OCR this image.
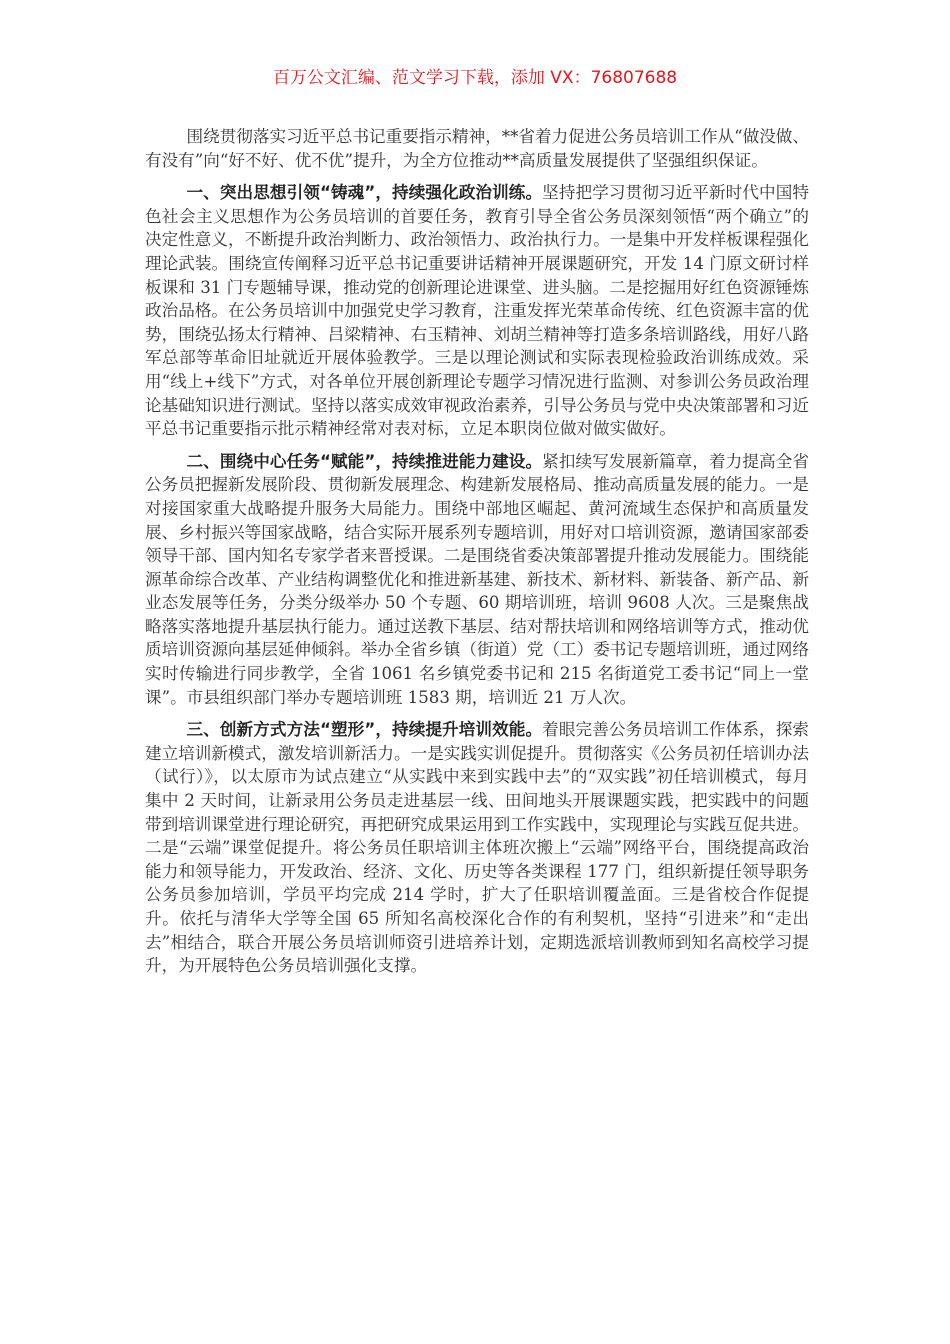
百万公文汇编、范文学习下载，添加 VX：76807688

围绕贯彻落实习近平总书记重要指示精神，**省着力促进公务员培训工作从“做没做、有没有”向“好不好、优不优”提升，为全方位推动**高质量发展提供了坚强组织保证。

一、突出思想引领“铸魂”，持续强化政治训练。坚持把学习贯彻习近平新时代中国特色社会主义思想作为公务员培训的首要任务，教育引导全省公务员深刻领悟“两个确立”的决定性意义，不断提升政治判断力、政治领悟力、政治执行力。一是集中开发样板课程强化理论武装。围绕宣传阐释习近平总书记重要讲话精神开展课题研究，开发 14 门原文研讨样板课和 31 门专题辅导课，推动党的创新理论进课堂、进头脑。二是挖掘用好红色资源锤炼政治品格。在公务员培训中加强党史学习教育，注重发挥光荣革命传统、红色资源丰富的优势，围绕弘扬太行精神、吕梁精神、右玉精神、刘胡兰精神等打造多条培训路线，用好八路军总部等革命旧址就近开展体验教学。三是以理论测试和实际表现检验政治训练成效。采用“线上+线下”方式，对各单位开展创新理论专题学习情况进行监测、对参训公务员政治理论基础知识进行测试。坚持以落实成效审视政治素养，引导公务员与党中央决策部署和习近平总书记重要指示批示精神经常对表对标，立足本职岗位做对做实做好。

二、围绕中心任务“赋能”，持续推进能力建设。紧扣续写发展新篇章，着力提高全省公务员把握新发展阶段、贯彻新发展理念、构建新发展格局、推动高质量发展的能力。一是对接国家重大战略提升服务大局能力。围绕中部地区崛起、黄河流域生态保护和高质量发展、乡村振兴等国家战略，结合实际开展系列专题培训，用好对口培训资源，邀请国家部委领导干部、国内知名专家学者来晋授课。二是围绕省委决策部署提升推动发展能力。围绕能源革命综合改革、产业结构调整优化和推进新基建、新技术、新材料、新装备、新产品、新业态发展等任务，分类分级举办 50 个专题、60 期培训班，培训 9608 人次。三是聚焦战略落实落地提升基层执行能力。通过送教下基层、结对帮扶培训和网络培训等方式，推动优质培训资源向基层延伸倾斜。举办全省乡镇（街道）党（工）委书记专题培训班，通过网络实时传输进行同步教学，全省 1061 名乡镇党委书记和 215 名街道党工委书记“同上一堂课”。市县组织部门举办专题培训班 1583 期，培训近 21 万人次。

三、创新方式方法“塑形”，持续提升培训效能。着眼完善公务员培训工作体系，探索建立培训新模式，激发培训新活力。一是实践实训促提升。贯彻落实《公务员初任培训办法（试行）》，以太原市为试点建立“从实践中来到实践中去”的“双实践”初任培训模式，每月集中 2 天时间，让新录用公务员走进基层一线、田间地头开展课题实践，把实践中的问题带到培训课堂进行理论研究，再把研究成果运用到工作实践中，实现理论与实践互促共进。二是“云端”课堂促提升。将公务员任职培训主体班次搬上“云端”网络平台，围绕提高政治能力和领导能力，开发政治、经济、文化、历史等各类课程 177 门，组织新提任领导职务公务员参加培训，学员平均完成 214 学时，扩大了任职培训覆盖面。三是省校合作促提升。依托与清华大学等全国 65 所知名高校深化合作的有利契机，坚持“引进来”和“走出去”相结合，联合开展公务员培训师资引进培养计划，定期选派培训教师到知名高校学习提升，为开展特色公务员培训强化支撑。
